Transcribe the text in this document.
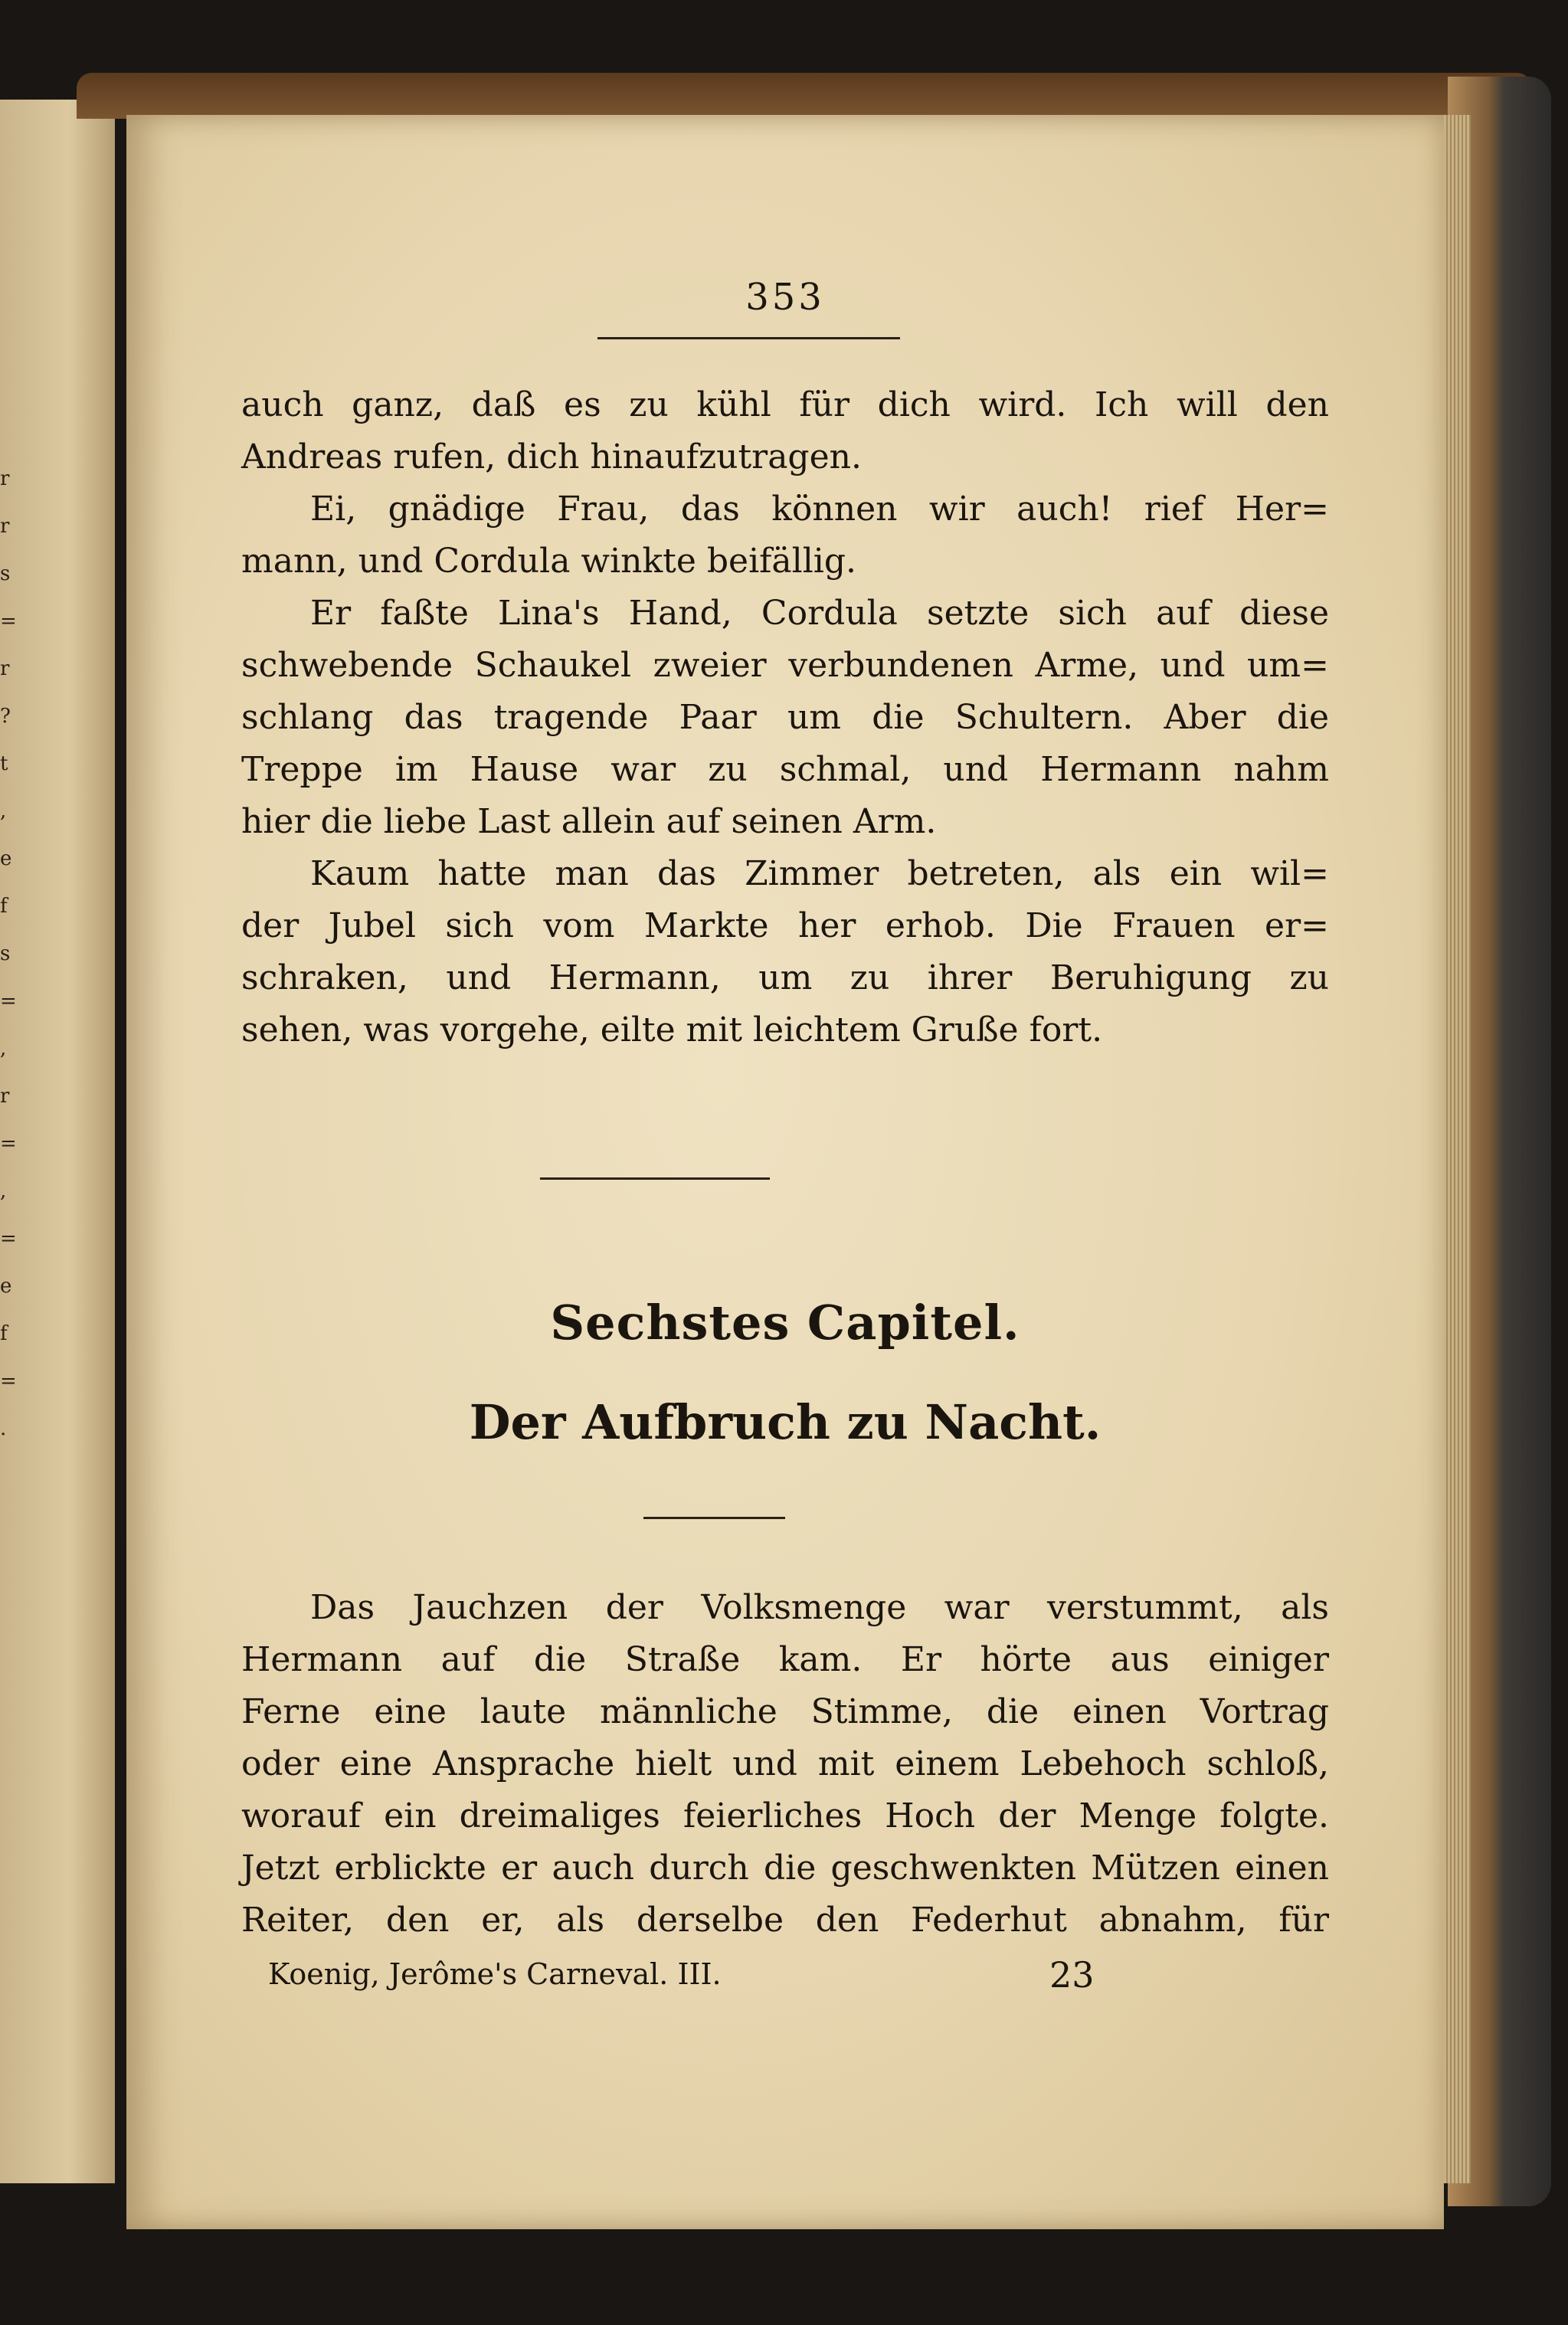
r
r
s
=
r
?
t
,
e
f
s
=
,
r
=
,
=
e
f
=
.
353
auch ganz, daß es zu kühl für dich wird. Ich will den
Andreas rufen, dich hinaufzutragen.
Ei, gnädige Frau, das können wir auch! rief Her=
mann, und Cordula winkte beifällig.
Er faßte Lina's Hand, Cordula setzte sich auf diese
schwebende Schaukel zweier verbundenen Arme, und um=
schlang das tragende Paar um die Schultern. Aber die
Treppe im Hause war zu schmal, und Hermann nahm
hier die liebe Last allein auf seinen Arm.
Kaum hatte man das Zimmer betreten, als ein wil=
der Jubel sich vom Markte her erhob. Die Frauen er=
schraken, und Hermann, um zu ihrer Beruhigung zu
sehen, was vorgehe, eilte mit leichtem Gruße fort.
Sechstes Capitel.
Der Aufbruch zu Nacht.
Das Jauchzen der Volksmenge war verstummt, als
Hermann auf die Straße kam. Er hörte aus einiger
Ferne eine laute männliche Stimme, die einen Vortrag
oder eine Ansprache hielt und mit einem Lebehoch schloß,
worauf ein dreimaliges feierliches Hoch der Menge folgte.
Jetzt erblickte er auch durch die geschwenkten Mützen einen
Reiter, den er, als derselbe den Federhut abnahm, für
Koenig, Jerôme's Carneval. III.	23
